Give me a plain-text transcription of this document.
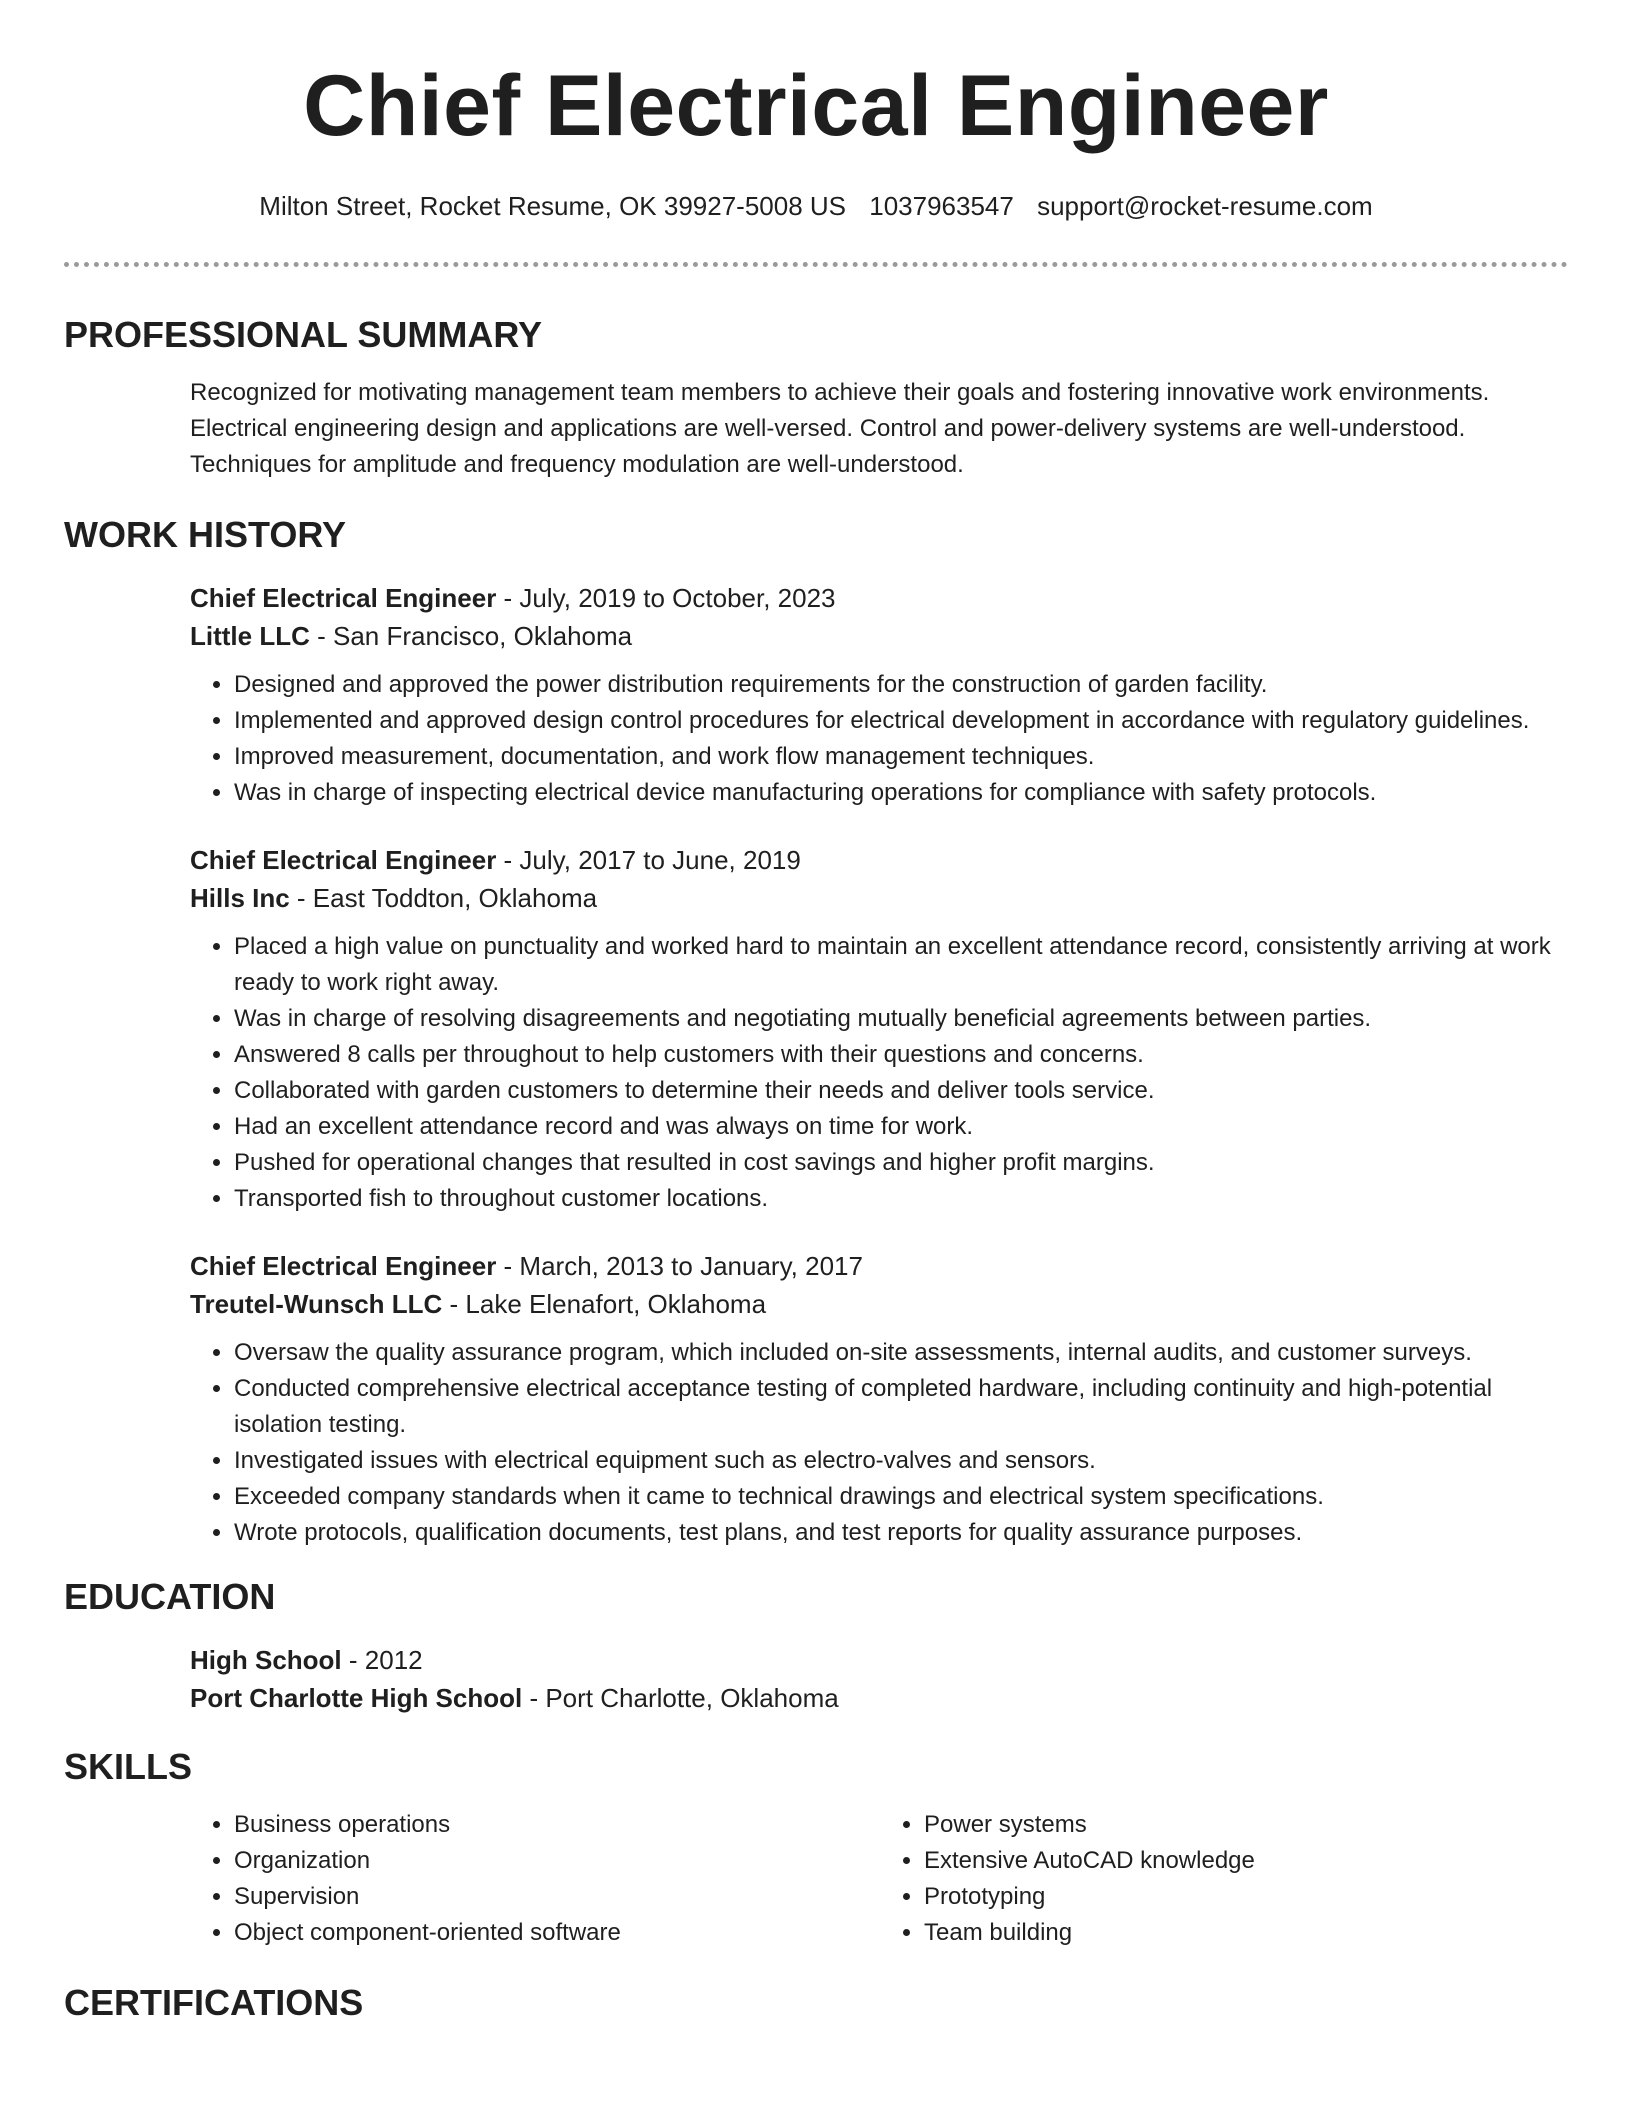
Chief Electrical Engineer
Milton Street, Rocket Resume, OK 39927-5008 US 1037963547 support@rocket-resume.com
PROFESSIONAL SUMMARY

Recognized for motivating management team members to achieve their goals and fostering innovative work environments. Electrical engineering design and applications are well-versed. Control and power-delivery systems are well-understood. Techniques for amplitude and frequency modulation are well-understood.

WORK HISTORY
Chief Electrical Engineer - July, 2019 to October, 2023
Little LLC - San Francisco, Oklahoma
• Designed and approved the power distribution requirements for the construction of garden facility.
• Implemented and approved design control procedures for electrical development in accordance with regulatory guidelines.
• Improved measurement, documentation, and work flow management techniques.
• Was in charge of inspecting electrical device manufacturing operations for compliance with safety protocols.
Chief Electrical Engineer - July, 2017 to June, 2019
Hills Inc - East Toddton, Oklahoma
• Placed a high value on punctuality and worked hard to maintain an excellent attendance record, consistently arriving at work ready to work right away.
• Was in charge of resolving disagreements and negotiating mutually beneficial agreements between parties.
• Answered 8 calls per throughout to help customers with their questions and concerns.
• Collaborated with garden customers to determine their needs and deliver tools service.
• Had an excellent attendance record and was always on time for work.
• Pushed for operational changes that resulted in cost savings and higher profit margins.
• Transported fish to throughout customer locations.
Chief Electrical Engineer - March, 2013 to January, 2017
Treutel-Wunsch LLC - Lake Elenafort, Oklahoma
• Oversaw the quality assurance program, which included on-site assessments, internal audits, and customer surveys.
• Conducted comprehensive electrical acceptance testing of completed hardware, including continuity and high-potential isolation testing.
• Investigated issues with electrical equipment such as electro-valves and sensors.
• Exceeded company standards when it came to technical drawings and electrical system specifications.
• Wrote protocols, qualification documents, test plans, and test reports for quality assurance purposes.
EDUCATION
High School - 2012
Port Charlotte High School - Port Charlotte, Oklahoma
SKILLS
• Business operations
• Organization
• Supervision
• Object component-oriented software
• Power systems
• Extensive AutoCAD knowledge
• Prototyping
• Team building
CERTIFICATIONS
